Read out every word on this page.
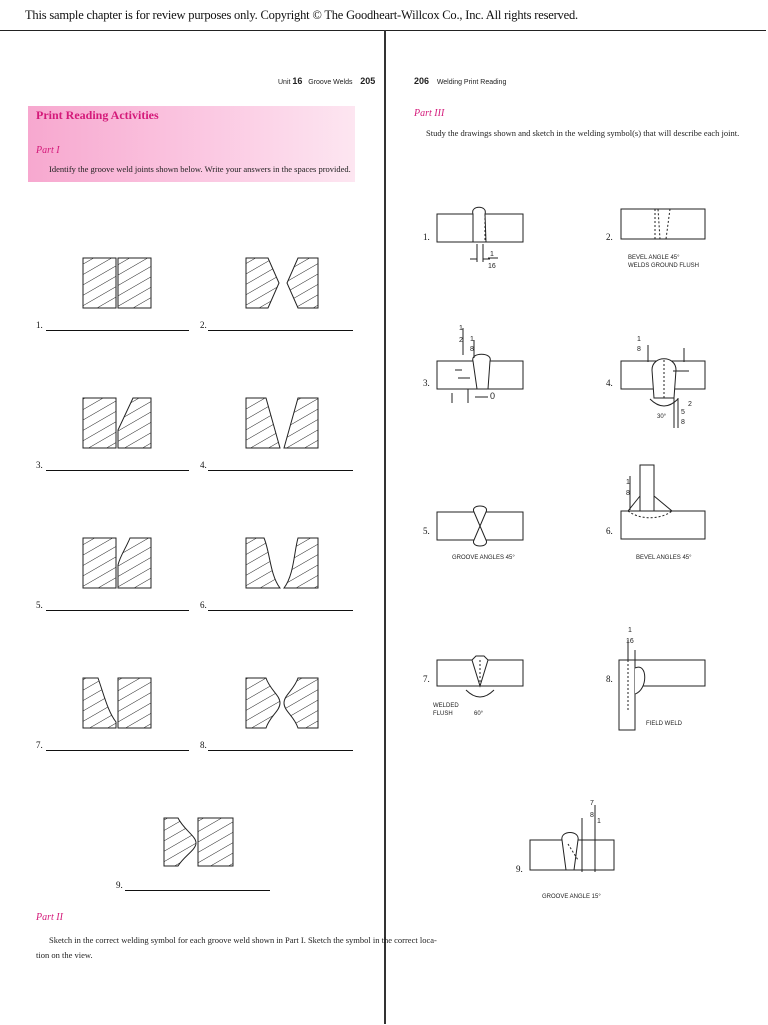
This sample chapter is for review purposes only. Copyright © The Goodheart-Willcox Co., Inc. All rights reserved.
Unit 16 Groove Welds 205
Print Reading Activities
Part I
Identify the groove weld joints shown below. Write your answers in the spaces provided.
1.	2.
3.	4.
5.	6.
7.	8.
9.
Part II
Sketch in the correct welding symbol for each groove weld shown in Part I. Sketch the symbol in the correct loca-
tion on the view.
206 Welding Print Reading
Part III
Study the drawings shown and sketch in the welding symbol(s) that will describe each joint.
1.	2.
3.	4.
5.	6.
7.	8.
9.
BEVEL ANGLE 45°
WELDS GROUND FLUSH
GROOVE ANGLES 45°	BEVEL ANGLES 45°
WELDED
FLUSH
FIELD WELD
GROOVE ANGLE 15°
1
16
1
2 1
8
0
1
8
30°
5
8
2
1
8
60°
1
16
7
8
1
